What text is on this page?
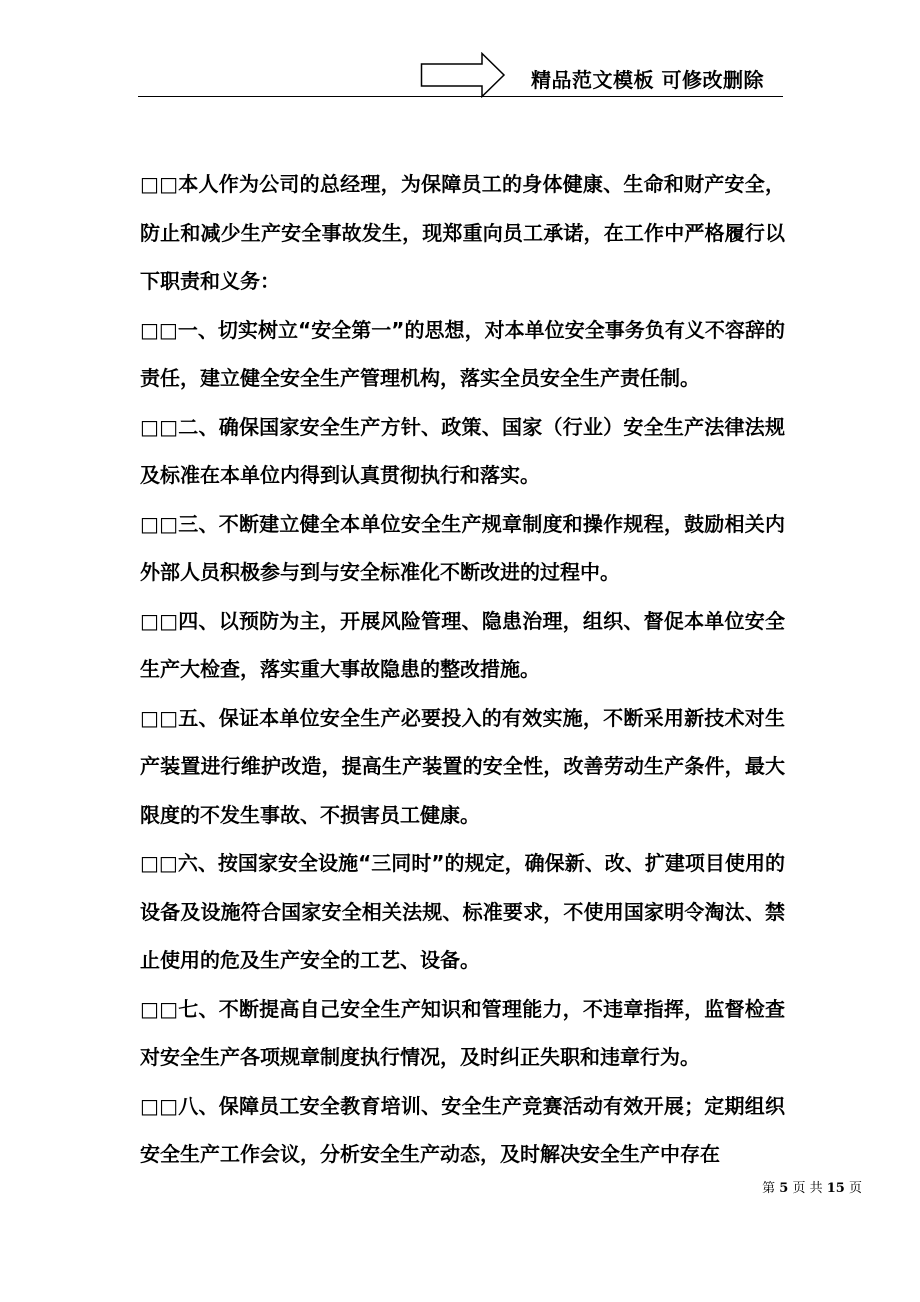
精品范文模板 可修改删除

□□本人作为公司的总经理，为保障员工的身体健康、生命和财产安全，防止和减少生产安全事故发生，现郑重向员工承诺，在工作中严格履行以下职责和义务：

□□一、切实树立“安全第一”的思想，对本单位安全事务负有义不容辞的责任，建立健全安全生产管理机构，落实全员安全生产责任制。

□□二、确保国家安全生产方针、政策、国家（行业）安全生产法律法规及标准在本单位内得到认真贯彻执行和落实。

□□三、不断建立健全本单位安全生产规章制度和操作规程，鼓励相关内外部人员积极参与到与安全标准化不断改进的过程中。

□□四、以预防为主，开展风险管理、隐患治理，组织、督促本单位安全生产大检查，落实重大事故隐患的整改措施。

□□五、保证本单位安全生产必要投入的有效实施，不断采用新技术对生产装置进行维护改造，提高生产装置的安全性，改善劳动生产条件，最大限度的不发生事故、不损害员工健康。

□□六、按国家安全设施“三同时”的规定，确保新、改、扩建项目使用的设备及设施符合国家安全相关法规、标准要求，不使用国家明令淘汰、禁止使用的危及生产安全的工艺、设备。

□□七、不断提高自己安全生产知识和管理能力，不违章指挥，监督检查对安全生产各项规章制度执行情况，及时纠正失职和违章行为。

□□八、保障员工安全教育培训、安全生产竞赛活动有效开展；定期组织安全生产工作会议，分析安全生产动态，及时解决安全生产中存在

第 5 页 共 15 页
